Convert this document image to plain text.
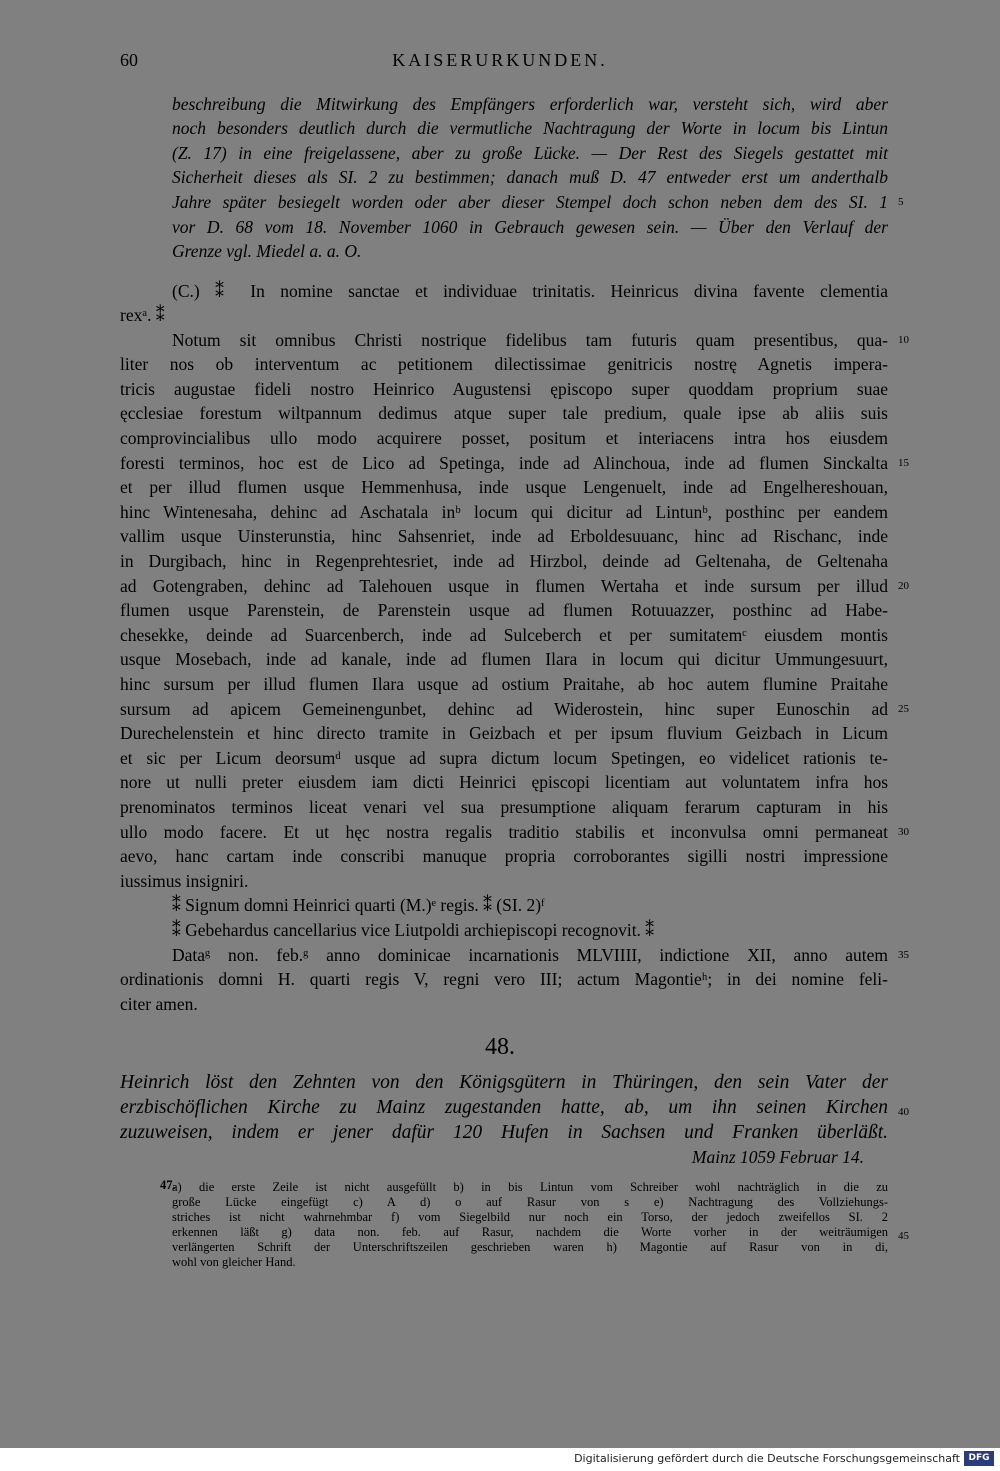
60	KAISERURKUNDEN.
beschreibung die Mitwirkung des Empfängers erforderlich war, versteht sich, wird aber
noch besonders deutlich durch die vermutliche Nachtragung der Worte in locum bis Lintun
(Z. 17) in eine freigelassene, aber zu große Lücke. — Der Rest des Siegels gestattet mit
Sicherheit dieses als SI. 2 zu bestimmen; danach muß D. 47 entweder erst um anderthalb
Jahre später besiegelt worden oder aber dieser Stempel doch schon neben dem des SI. 1
vor D. 68 vom 18. November 1060 in Gebrauch gewesen sein. — Über den Verlauf der
Grenze vgl. Miedel a. a. O.
(C.) ⁑ In nomine sanctae et individuae trinitatis. Heinricus divina favente clementia
rexᵃ. ⁑
Notum sit omnibus Christi nostrique fidelibus tam futuris quam presentibus, qua-
liter nos ob interventum ac petitionem dilectissimae genitricis nostrę Agnetis impera-
tricis augustae fideli nostro Heinrico Augustensi ępiscopo super quoddam proprium suae
ęcclesiae forestum wiltpannum dedimus atque super tale predium, quale ipse ab aliis suis
comprovincialibus ullo modo acquirere posset, positum et interiacens intra hos eiusdem
foresti terminos, hoc est de Lico ad Spetinga, inde ad Alinchoua, inde ad flumen Sinckalta
et per illud flumen usque Hemmenhusa, inde usque Lengenuelt, inde ad Engelhereshouan,
hinc Wintenesaha, dehinc ad Aschatala inᵇ locum qui dicitur ad Lintunᵇ, posthinc per eandem
vallim usque Uinsterunstia, hinc Sahsenriet, inde ad Erboldesuuanc, hinc ad Rischanc, inde
in Durgibach, hinc in Regenprehtesriet, inde ad Hirzbol, deinde ad Geltenaha, de Geltenaha
ad Gotengraben, dehinc ad Talehouen usque in flumen Wertaha et inde sursum per illud
flumen usque Parenstein, de Parenstein usque ad flumen Rotuuazzer, posthinc ad Habe-
chesekke, deinde ad Suarcenberch, inde ad Sulceberch et per sumitatemᶜ eiusdem montis
usque Mosebach, inde ad kanale, inde ad flumen Ilara in locum qui dicitur Ummungesuurt,
hinc sursum per illud flumen Ilara usque ad ostium Praitahe, ab hoc autem flumine Praitahe
sursum ad apicem Gemeinengunbet, dehinc ad Widerostein, hinc super Eunoschin ad
Durechelenstein et hinc directo tramite in Geizbach et per ipsum fluvium Geizbach in Licum
et sic per Licum deorsumᵈ usque ad supra dictum locum Spetingen, eo videlicet rationis te-
nore ut nulli preter eiusdem iam dicti Heinrici ępiscopi licentiam aut voluntatem infra hos
prenominatos terminos liceat venari vel sua presumptione aliquam ferarum capturam in his
ullo modo facere. Et ut hęc nostra regalis traditio stabilis et inconvulsa omni permaneat
aevo, hanc cartam inde conscribi manuque propria corroborantes sigilli nostri impressione
iussimus insigniri.
⁑ Signum domni Heinrici quarti (M.)ᵉ regis. ⁑ (SI. 2)ᶠ
⁑ Gebehardus cancellarius vice Liutpoldi archiepiscopi recognovit. ⁑
Dataᵍ non. feb.ᵍ anno dominicae incarnationis MLVIIII, indictione XII, anno autem
ordinationis domni H. quarti regis V, regni vero III; actum Magontieʰ; in dei nomine feli-
citer amen.
5
10
15
20
25
30
35
40
45
48.
Heinrich löst den Zehnten von den Königsgütern in Thüringen, den sein Vater der
erzbischöflichen Kirche zu Mainz zugestanden hatte, ab, um ihn seinen Kirchen
zuzuweisen, indem er jener dafür 120 Hufen in Sachsen und Franken überläßt.
Mainz 1059 Februar 14.
47.
a) die erste Zeile ist nicht ausgefüllt b) in bis Lintun vom Schreiber wohl nachträglich in die zu
große Lücke eingefügt c) A d) o auf Rasur von s e) Nachtragung des Vollziehungs-
striches ist nicht wahrnehmbar f) vom Siegelbild nur noch ein Torso, der jedoch zweifellos SI. 2
erkennen läßt g) data non. feb. auf Rasur, nachdem die Worte vorher in der weiträumigen
verlängerten Schrift der Unterschriftszeilen geschrieben waren h) Magontie auf Rasur von in di,
wohl von gleicher Hand.
Digitalisierung gefördert durch die Deutsche Forschungsgemeinschaft DFG
